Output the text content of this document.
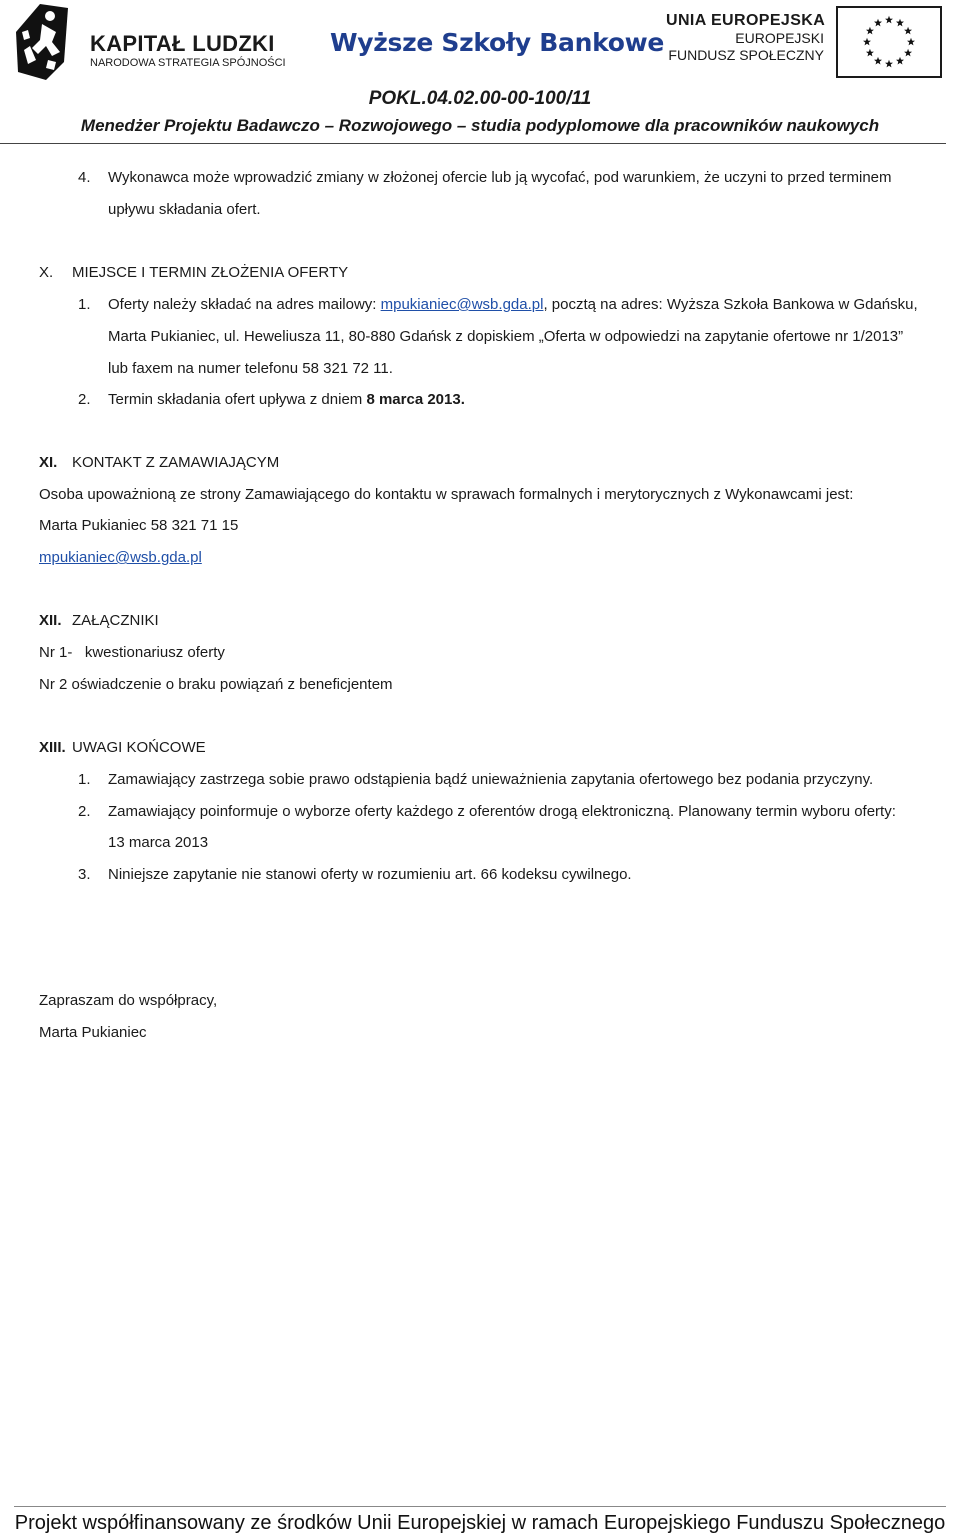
KAPITAŁ LUDZKI
NARODOWA STRATEGIA SPÓJNOŚCI
Wyższe Szkoły Bankowe
UNIA EUROPEJSKA
EUROPEJSKI
FUNDUSZ SPOŁECZNY
POKL.04.02.00-00-100/11
Menedżer Projektu Badawczo – Rozwojowego – studia podyplomowe dla pracowników naukowych
4. Wykonawca może wprowadzić zmiany w złożonej ofercie lub ją wycofać, pod warunkiem, że uczyni to przed terminem
upływu składania ofert.
X. MIEJSCE I TERMIN ZŁOŻENIA OFERTY
1. Oferty należy składać na adres mailowy: mpukianiec@wsb.gda.pl, pocztą na adres: Wyższa Szkoła Bankowa w Gdańsku,
Marta Pukianiec, ul. Heweliusza 11, 80-880 Gdańsk z dopiskiem „Oferta w odpowiedzi na zapytanie ofertowe nr 1/2013”
lub faxem na numer telefonu 58 321 72 11.
2. Termin składania ofert upływa z dniem 8 marca 2013.
XI. KONTAKT Z ZAMAWIAJĄCYM
Osoba upoważnioną ze strony Zamawiającego do kontaktu w sprawach formalnych i merytorycznych z Wykonawcami jest:
Marta Pukianiec 58 321 71 15
mpukianiec@wsb.gda.pl
XII. ZAŁĄCZNIKI
Nr 1-   kwestionariusz oferty
Nr 2 oświadczenie o braku powiązań z beneficjentem
XIII. UWAGI KOŃCOWE
1. Zamawiający zastrzega sobie prawo odstąpienia bądź unieważnienia zapytania ofertowego bez podania przyczyny.
2. Zamawiający poinformuje o wyborze oferty każdego z oferentów drogą elektroniczną. Planowany termin wyboru oferty:
13 marca 2013
3. Niniejsze zapytanie nie stanowi oferty w rozumieniu art. 66 kodeksu cywilnego.
Zapraszam do współpracy,
Marta Pukianiec
Projekt współfinansowany ze środków Unii Europejskiej w ramach Europejskiego Funduszu Społecznego
